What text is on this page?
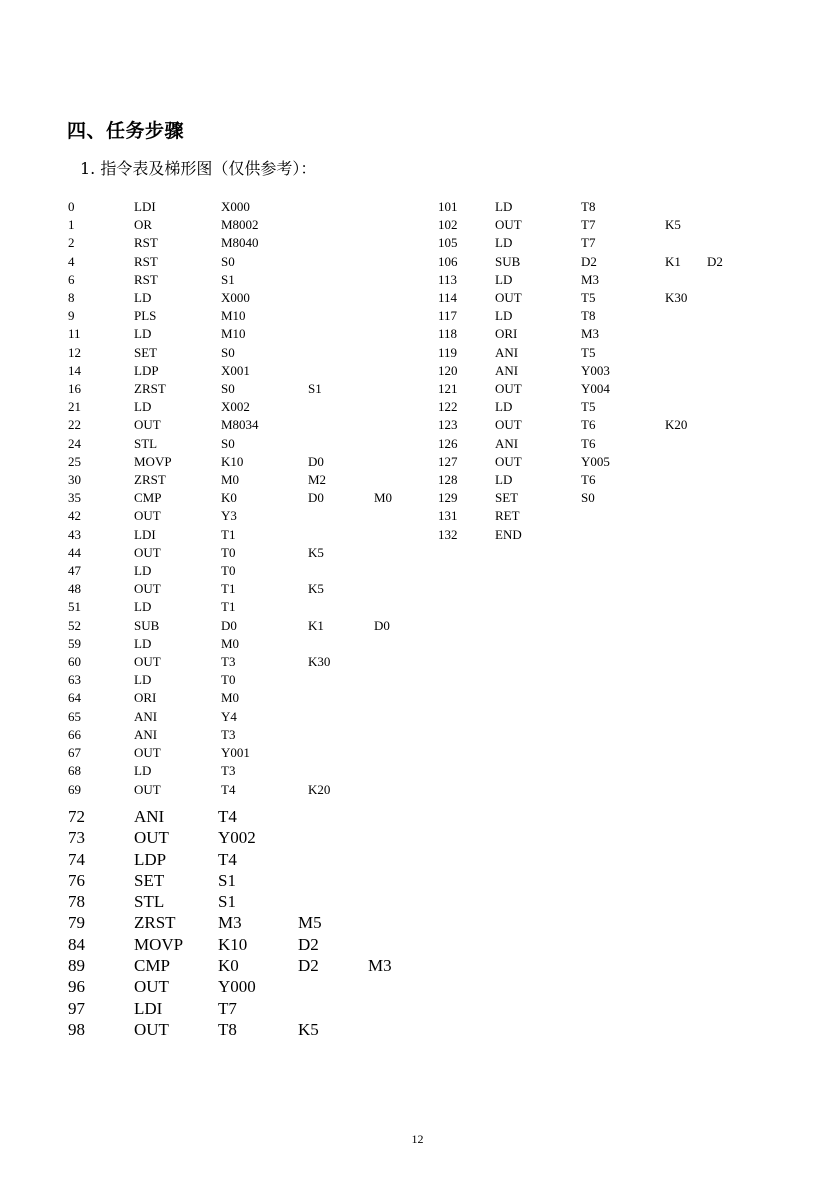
四、任务步骤

1. 指令表及梯形图（仅供参考）：

0	LDI	X000		
1	OR	M8002		
2	RST	M8040		
4	RST	S0		
6	RST	S1		
8	LD	X000		
9	PLS	M10		
11	LD	M10		
12	SET	S0		
14	LDP	X001		
16	ZRST	S0	S1	
21	LD	X002		
22	OUT	M8034		
24	STL	S0		
25	MOVP	K10	D0	
30	ZRST	M0	M2	
35	CMP	K0	D0	M0
42	OUT	Y3		
43	LDI	T1		
44	OUT	T0	K5	
47	LD	T0		
48	OUT	T1	K5	
51	LD	T1		
52	SUB	D0	K1	D0
59	LD	M0		
60	OUT	T3	K30	
63	LD	T0		
64	ORI	M0		
65	ANI	Y4		
66	ANI	T3		
67	OUT	Y001		
68	LD	T3		
69	OUT	T4	K20	
72	ANI	T4		
73	OUT	Y002		
74	LDP	T4		
76	SET	S1		
78	STL	S1		
79	ZRST	M3	M5	
84	MOVP	K10	D2	
89	CMP	K0	D2	M3
96	OUT	Y000		
97	LDI	T7		
98	OUT	T8	K5	
101	LD	T8		
102	OUT	T7	K5	
105	LD	T7		
106	SUB	D2	K1	D2
113	LD	M3		
114	OUT	T5	K30	
117	LD	T8		
118	ORI	M3		
119	ANI	T5		
120	ANI	Y003		
121	OUT	Y004		
122	LD	T5		
123	OUT	T6	K20	
126	ANI	T6		
127	OUT	Y005		
128	LD	T6		
129	SET	S0		
131	RET			
132	END			

12
